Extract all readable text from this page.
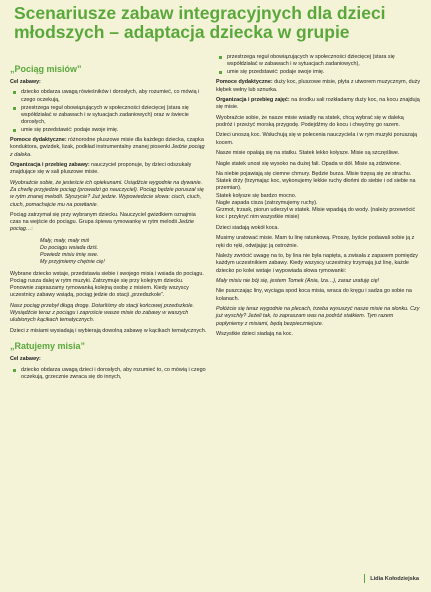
Scenariusze zabaw integracyjnych dla dzieci młodszych – adaptacja dziecka w grupie
„Pociąg misiów”

Cel zabawy:

dziecko obdarza uwagą rówieśników i dorosłych, aby rozumieć, co mówią i czego oczekują,
przestrzega reguł obowiązujących w społeczności dziecięcej (stara się współdziałać w zabawach i w sytuacjach zadaniowych) oraz w świecie dorosłych,
umie się przedstawić: podaje swoje imię.

Pomoce dydaktyczne: różnorodne pluszowe misie dla każdego dziecka, czapka konduktora, gwizdek, lizak, podkład instrumentalny znanej piosenki Jedzie pociąg z daleka.

Organizacja i przebieg zabawy: nauczyciel proponuje, by dzieci odszukały znajdujące się w sali pluszowe misie.

Wyobraźcie sobie, że jesteście ich opiekunami. Usiądźcie wygodnie na dywanie. Za chwilę przyjedzie pociąg (prowadzi go nauczyciel). Pociąg będzie poruszał się w rytm znanej melodii. Słyszycie? Już jedzie. Wypowiedzcie słowa: ciuch, ciuch, ciuch, pomachajcie mu na powitanie.

Pociąg zatrzymał się przy wybranym dziecku. Nauczyciel gwizdkiem oznajmia czas na wejście do pociągu. Grupa śpiewa rymowankę w rytm melodii Jedzie pociąg…:

Mały, mały, mały miś
Do pociągu wsiada dziś.
Powiedz misiu imię swe.
My przyjmiemy chętnie cię!

Wybrane dziecko wstaje, przedstawia siebie i swojego misia i wsiada do pociągu. Pociąg rusza dalej w rytm muzyki. Zatrzymuje się przy kolejnym dziecku. Ponownie zapraszamy rymowanką kolejną osobę z misiem. Kiedy wszyscy uczestnicy zabawy wsiądą, pociąg jedzie do stacji „przedszkole”.

Nasz pociąg przebył długą drogę. Dotarliśmy do stacji końcowej przedszkole. Wysiądźcie teraz z pociągu i zaproście wasze misie do zabawy w waszych ulubionych kącikach tematycznych.

Dzieci z misiami wysiadają i wybierają dowolną zabawę w kącikach tematycznych.

„Ratujemy misia”

Cel zabawy:

dziecko obdarza uwagą dzieci i dorosłych, aby rozumieć to, co mówią i czego oczekują, grzecznie zwraca się do innych,
przestrzega reguł obowiązujących w społeczności dziecięcej (stara się współdziałać w zabawach i w sytuacjach zadaniowych),
umie się przedstawić: podaje swoje imię.

Pomoce dydaktyczne: duży koc, pluszowe misie, płyta z utworem muzycznym, duży kłębek wełny lub sznurka.

Organizacja i przebieg zajęć: na środku sali rozkładamy duży koc, na kocu znajdują się misie.

Wyobraźcie sobie, że nasze misie wsiadły na statek, chcą wybrać się w daleką podróż i przeżyć morską przygodę. Podejdźmy do kocu i chwyćmy go razem.

Dzieci unoszą koc. Wsłuchują się w polecenia nauczyciela i w rym muzyki poruszają kocem.

Nasze misie opalają się na statku. Statek lekko kołysze. Misie są szczęśliwe.

Nagle statek unosi się wysoko na dużej fali. Opada w dół. Misie są zdziwione.

Na niebie pojawiają się ciemne chmury. Będzie burza. Misie trzęsą się ze strachu. Statek drży (trzymając koc, wykonujemy lekkie ruchy dłońmi do siebie i od siebie na przemian).

Statek kołysze się bardzo mocno.

Nagle zapada cisza (zatrzymujemy ruchy).

Grzmot, trzask, piorun uderzył w statek. Misie wpadają do wody. (należy przewrócić koc i przykryć nim wszystkie misie)

Dzieci siadają wokół koca.

Musimy uratować misie. Mam tu linę ratunkową. Proszę, byście podawali sobie ją z ręki do ręki, odwijając ją ostrożnie.

Należy zwrócić uwagę na to, by lina nie była napięta, a zwisała z zapasem pomiędzy każdym uczestnikiem zabawy. Kiedy wszyscy uczestnicy trzymają już linę, każde dziecko po kolei wstaje i wypowiada słowa rymowanki:

Mały misiu nie bój się, jestem Tomek (Ania, Iza…), zaraz uratuję cię!

Nie puszczając liny, wyciąga spod koca misia, wraca do kręgu i sadza go sobie na kolanach.

Połóżcie się teraz wygodnie na plecach, trzeba wysuszyć nasze misie na słonku. Czy już wyschły? Jeżeli tak, to zapraszam was na podróż statkiem. Tym razem popłyniemy z misiami, będą bezpieczniejsze.

Wszystkie dzieci siadają na koc.

Lidia Kołodziejska
